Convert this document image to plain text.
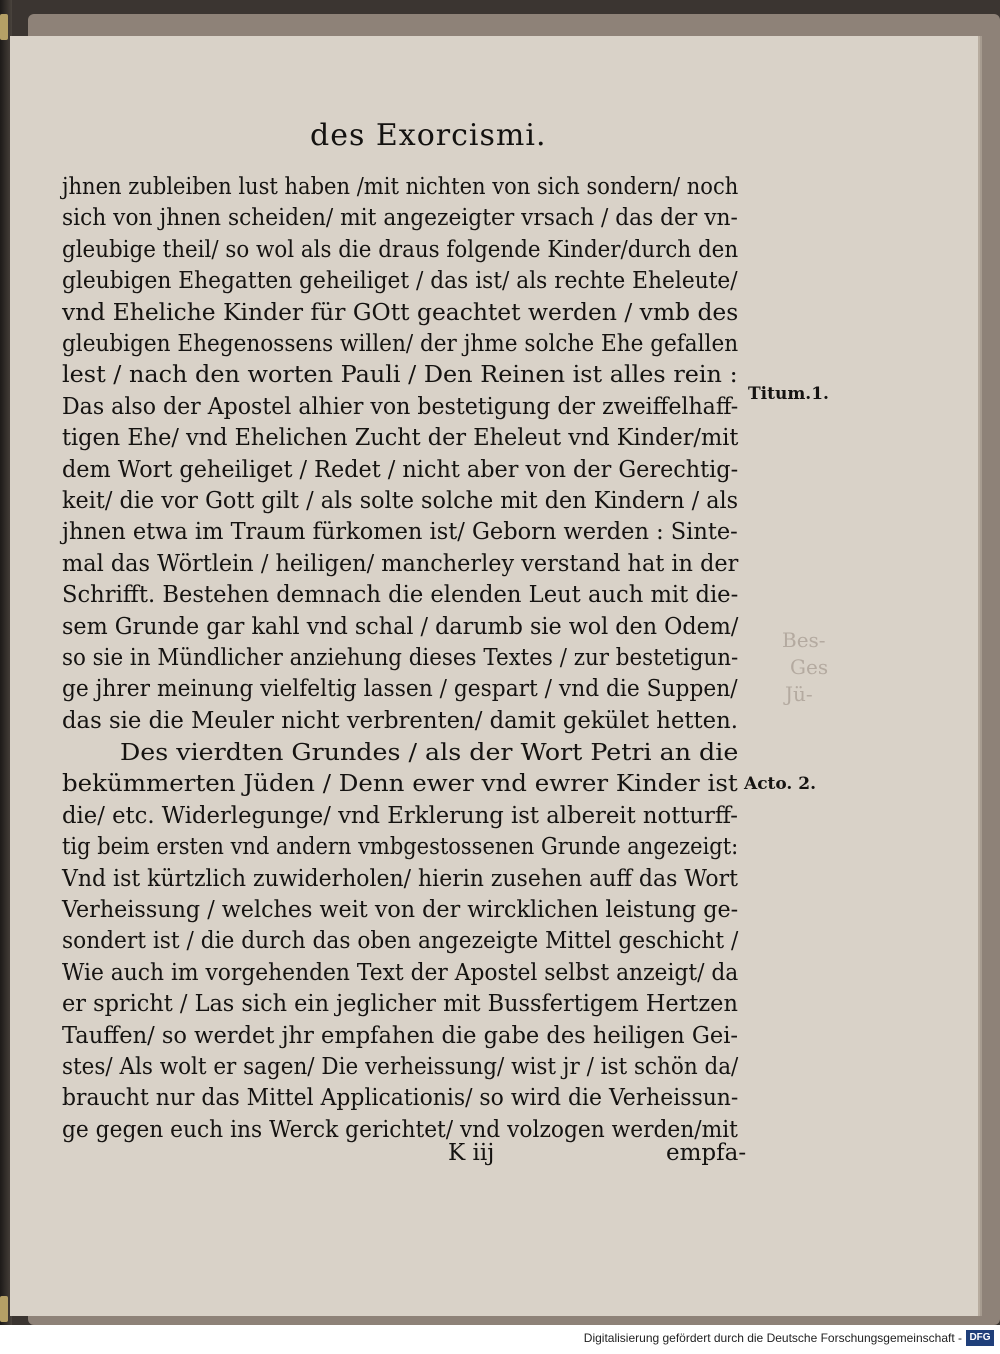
Bes-
Ges
Jü-
des Exorcismi.
jhnen zubleiben lust haben /mit nichten von sich sondern/ noch
sich von jhnen scheiden/ mit angezeigter vrsach / das der vn-
gleubige theil/ so wol als die draus folgende Kinder/durch den
gleubigen Ehegatten geheiliget / das ist/ als rechte Eheleute/
vnd Eheliche Kinder für GOtt geachtet werden / vmb des
gleubigen Ehegenossens willen/ der jhme solche Ehe gefallen
lest / nach den worten Pauli / Den Reinen ist alles rein :
Das also der Apostel alhier von bestetigung der zweiffelhaff-
tigen Ehe/ vnd Ehelichen Zucht der Eheleut vnd Kinder/mit
dem Wort geheiliget / Redet / nicht aber von der Gerechtig-
keit/ die vor Gott gilt / als solte solche mit den Kindern / als
jhnen etwa im Traum fürkomen ist/ Geborn werden : Sinte-
mal das Wörtlein / heiligen/ mancherley verstand hat in der
Schrifft. Bestehen demnach die elenden Leut auch mit die-
sem Grunde gar kahl vnd schal / darumb sie wol den Odem/
so sie in Mündlicher anziehung dieses Textes / zur bestetigun-
ge jhrer meinung vielfeltig lassen / gespart / vnd die Suppen/
das sie die Meuler nicht verbrenten/ damit gekület hetten.
Des vierdten Grundes / als der Wort Petri an die
bekümmerten Jüden / Denn ewer vnd ewrer Kinder ist
die/ etc. Widerlegunge/ vnd Erklerung ist albereit notturff-
tig beim ersten vnd andern vmbgestossenen Grunde angezeigt:
Vnd ist kürtzlich zuwiderholen/ hierin zusehen auff das Wort
Verheissung / welches weit von der wircklichen leistung ge-
sondert ist / die durch das oben angezeigte Mittel geschicht /
Wie auch im vorgehenden Text der Apostel selbst anzeigt/ da
er spricht / Las sich ein jeglicher mit Bussfertigem Hertzen
Tauffen/ so werdet jhr empfahen die gabe des heiligen Gei-
stes/ Als wolt er sagen/ Die verheissung/ wist jr / ist schön da/
braucht nur das Mittel Applicationis/ so wird die Verheissun-
ge gegen euch ins Werck gerichtet/ vnd volzogen werden/mit
Titum.1.
Acto. 2.
K iij	empfa-
Digitalisierung gefördert durch die Deutsche Forschungsgemeinschaft - DFG
